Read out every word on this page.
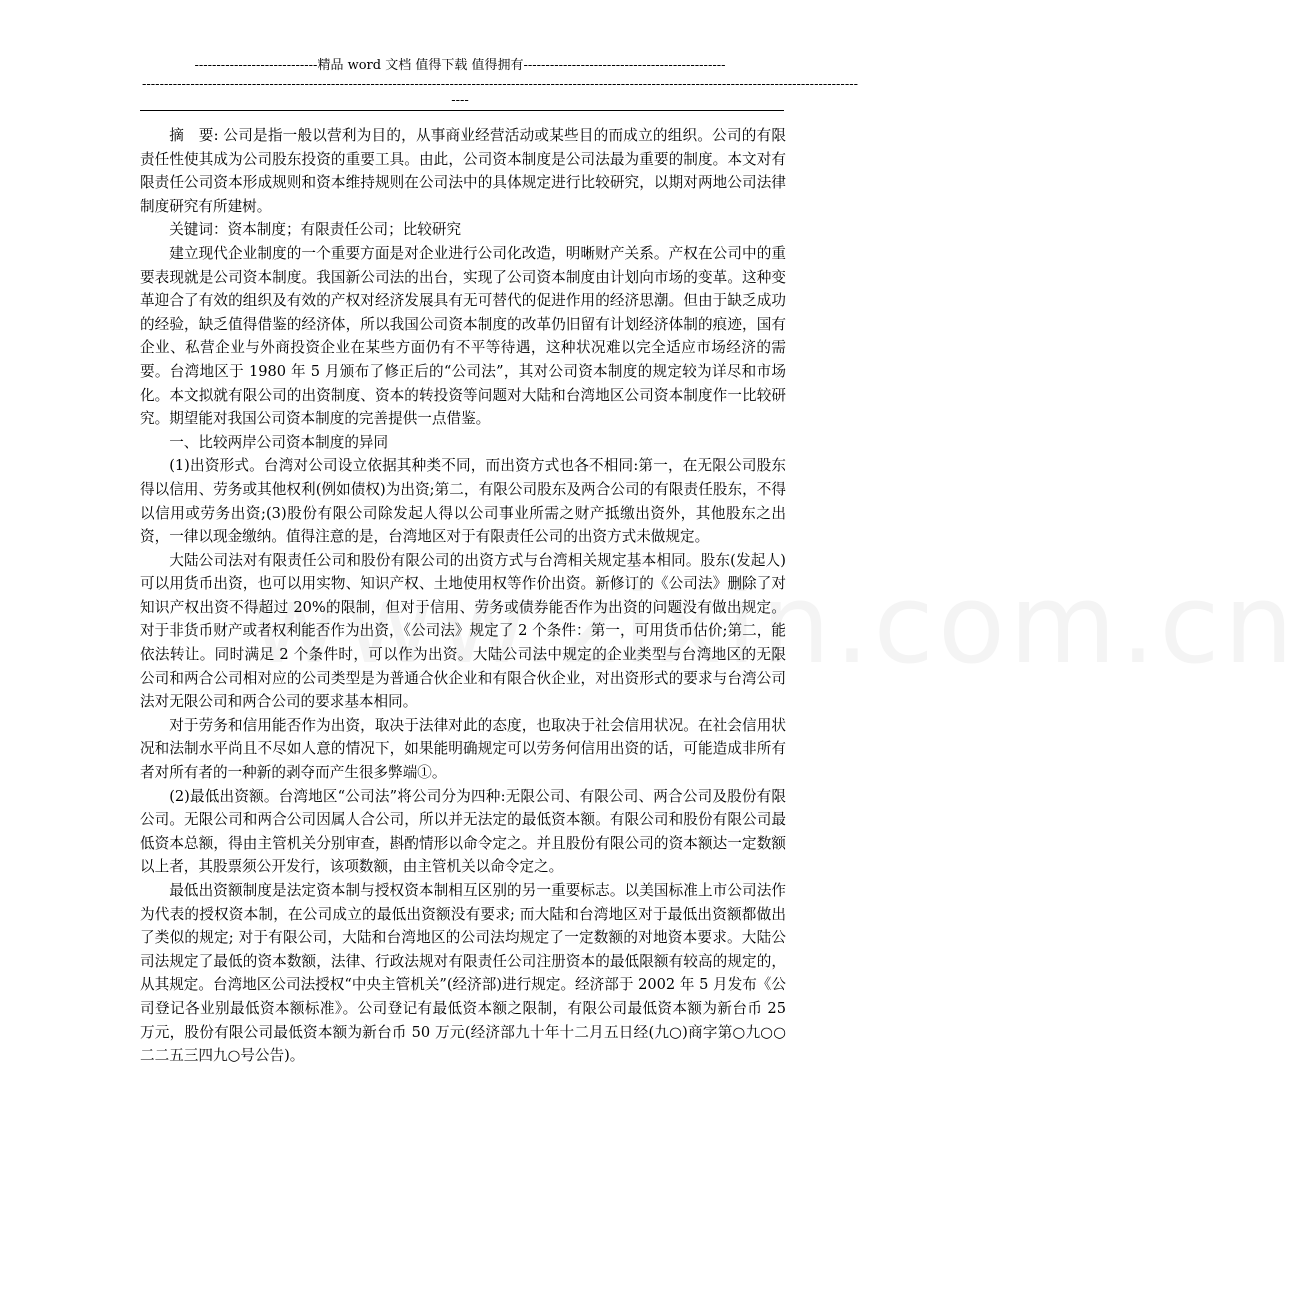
----------------------------精品 word 文档 值得下载 值得拥有----------------------------------------------
-------------------------------------------------------------------------------------------------------------------------------------------------------------------
----

摘　要: 公司是指一般以营利为目的，从事商业经营活动或某些目的而成立的组织。公司的有限责任性使其成为公司股东投资的重要工具。由此，公司资本制度是公司法最为重要的制度。本文对有限责任公司资本形成规则和资本维持规则在公司法中的具体规定进行比较研究，以期对两地公司法律制度研究有所建树。

关键词：资本制度；有限责任公司；比较研究

建立现代企业制度的一个重要方面是对企业进行公司化改造，明晰财产关系。产权在公司中的重要表现就是公司资本制度。我国新公司法的出台，实现了公司资本制度由计划向市场的变革。这种变革迎合了有效的组织及有效的产权对经济发展具有无可替代的促进作用的经济思潮。但由于缺乏成功的经验，缺乏值得借鉴的经济体，所以我国公司资本制度的改革仍旧留有计划经济体制的痕迹，国有企业、私营企业与外商投资企业在某些方面仍有不平等待遇，这种状况难以完全适应市场经济的需要。台湾地区于 1980 年 5 月颁布了修正后的“公司法”，其对公司资本制度的规定较为详尽和市场化。本文拟就有限公司的出资制度、资本的转投资等问题对大陆和台湾地区公司资本制度作一比较研究。期望能对我国公司资本制度的完善提供一点借鉴。

一、比较两岸公司资本制度的异同

(1)出资形式。台湾对公司设立依据其种类不同，而出资方式也各不相同:第一，在无限公司股东得以信用、劳务或其他权利(例如债权)为出资;第二，有限公司股东及两合公司的有限责任股东，不得以信用或劳务出资;(3)股份有限公司除发起人得以公司事业所需之财产抵缴出资外，其他股东之出资，一律以现金缴纳。值得注意的是，台湾地区对于有限责任公司的出资方式未做规定。

大陆公司法对有限责任公司和股份有限公司的出资方式与台湾相关规定基本相同。股东(发起人)可以用货币出资，也可以用实物、知识产权、土地使用权等作价出资。新修订的《公司法》删除了对知识产权出资不得超过 20%的限制，但对于信用、劳务或债券能否作为出资的问题没有做出规定。对于非货币财产或者权利能否作为出资，《公司法》规定了 2 个条件：第一，可用货币估价;第二，能依法转让。同时满足 2 个条件时，可以作为出资。大陆公司法中规定的企业类型与台湾地区的无限公司和两合公司相对应的公司类型是为普通合伙企业和有限合伙企业，对出资形式的要求与台湾公司法对无限公司和两合公司的要求基本相同。

对于劳务和信用能否作为出资，取决于法律对此的态度，也取决于社会信用状况。在社会信用状况和法制水平尚且不尽如人意的情况下，如果能明确规定可以劳务何信用出资的话，可能造成非所有者对所有者的一种新的剥夺而产生很多弊端①。

(2)最低出资额。台湾地区“公司法”将公司分为四种:无限公司、有限公司、两合公司及股份有限公司。无限公司和两合公司因属人合公司，所以并无法定的最低资本额。有限公司和股份有限公司最低资本总额，得由主管机关分别审查，斟酌情形以命令定之。并且股份有限公司的资本额达一定数额以上者，其股票须公开发行，该项数额，由主管机关以命令定之。

最低出资额制度是法定资本制与授权资本制相互区别的另一重要标志。以美国标准上市公司法作为代表的授权资本制，在公司成立的最低出资额没有要求; 而大陆和台湾地区对于最低出资额都做出了类似的规定; 对于有限公司，大陆和台湾地区的公司法均规定了一定数额的对地资本要求。大陆公司法规定了最低的资本数额，法律、行政法规对有限责任公司注册资本的最低限额有较高的规定的，从其规定。台湾地区公司法授权“中央主管机关”(经济部)进行规定。经济部于 2002 年 5 月发布《公司登记各业别最低资本额标准》。公司登记有最低资本额之限制，有限公司最低资本额为新台币 25 万元，股份有限公司最低资本额为新台币 50 万元(经济部九十年十二月五日经(九○)商字第○九○○二二五三四九○号公告)。
